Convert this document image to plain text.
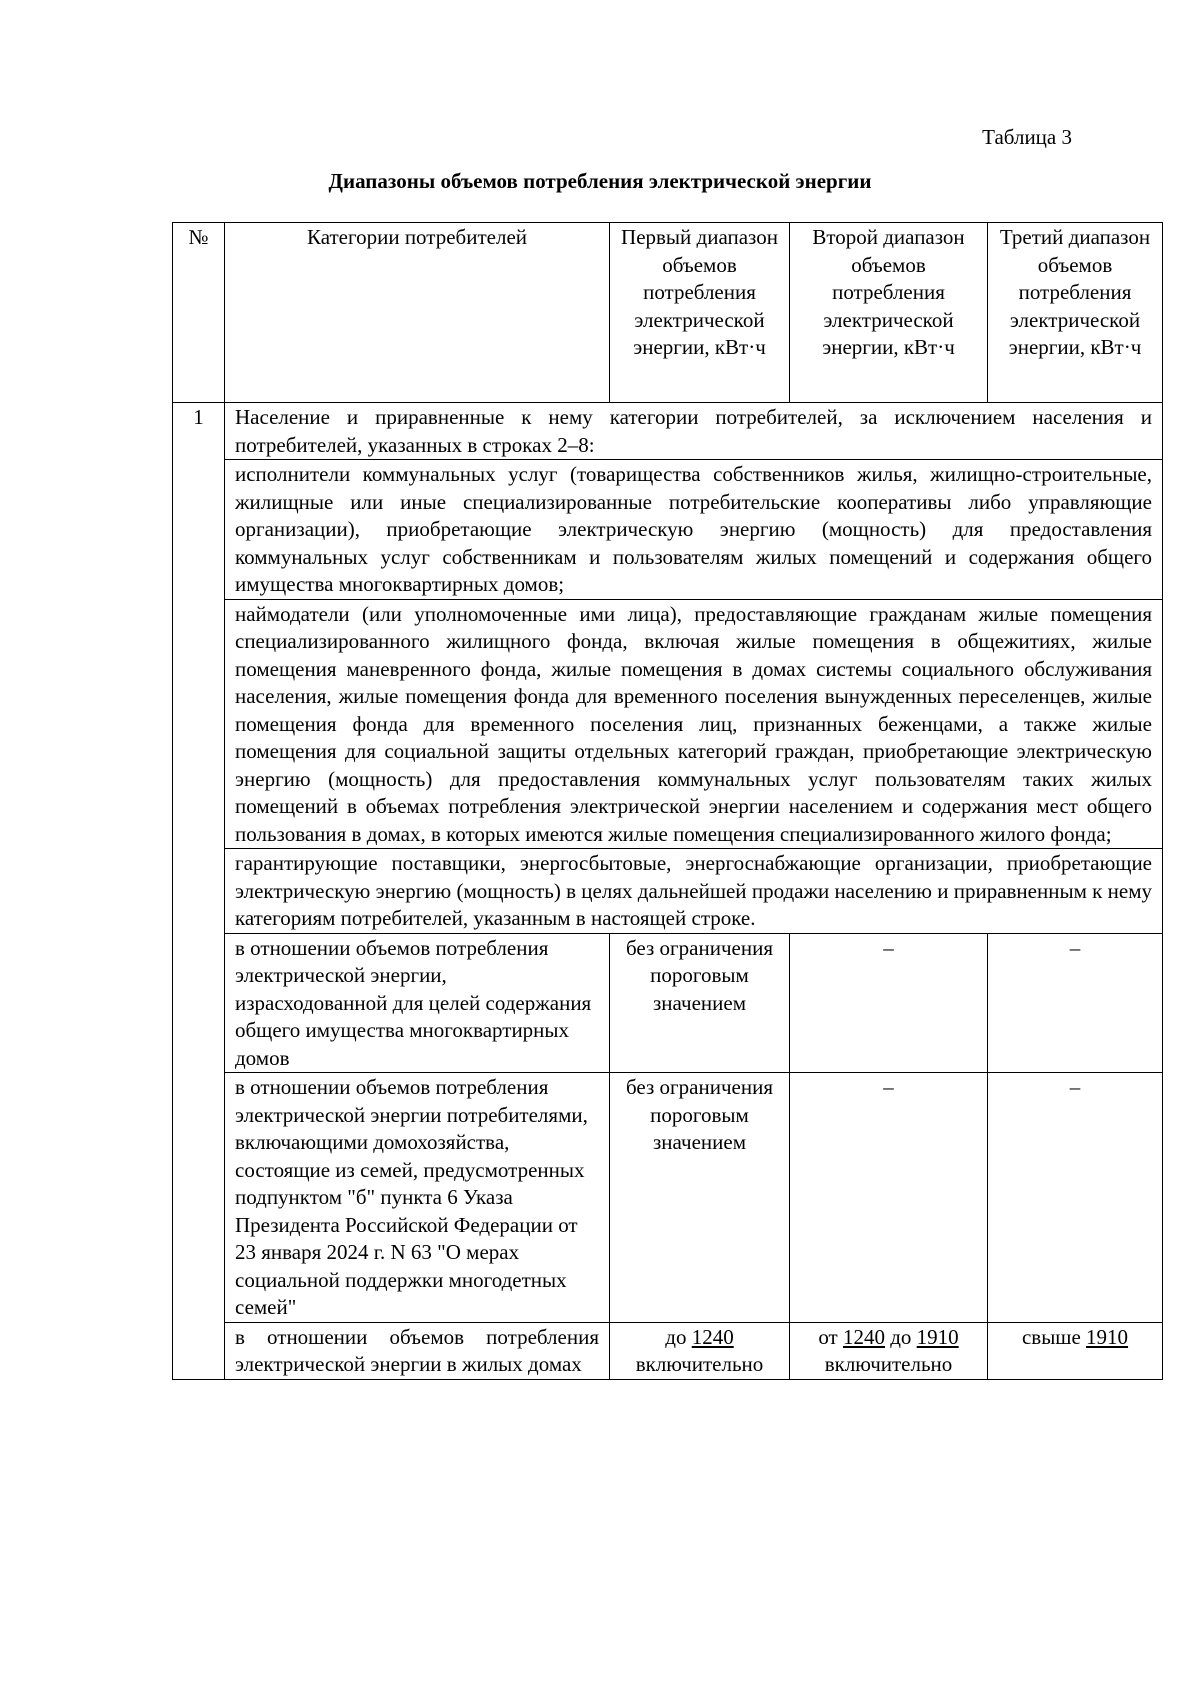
Таблица 3
Диапазоны объемов потребления электрической энергии
№	Категории потребителей	Первый диапазон объемов потребления электрической энергии, кВт·ч	Второй диапазон объемов потребления электрической энергии, кВт·ч	Третий диапазон объемов потребления электрической энергии, кВт·ч
1	Население и приравненные к нему категории потребителей, за исключением населения и потребителей, указанных в строках 2–8:			
	исполнители коммунальных услуг (товарищества собственников жилья, жилищно-строительные, жилищные или иные специализированные потребительские кооперативы либо управляющие организации), приобретающие электрическую энергию (мощность) для предоставления коммунальных услуг собственникам и пользователям жилых помещений и содержания общего имущества многоквартирных домов;			
	наймодатели (или уполномоченные ими лица), предоставляющие гражданам жилые помещения специализированного жилищного фонда, включая жилые помещения в общежитиях, жилые помещения маневренного фонда, жилые помещения в домах системы социального обслуживания населения, жилые помещения фонда для временного поселения вынужденных переселенцев, жилые помещения фонда для временного поселения лиц, признанных беженцами, а также жилые помещения для социальной защиты отдельных категорий граждан, приобретающие электрическую энергию (мощность) для предоставления коммунальных услуг пользователям таких жилых помещений в объемах потребления электрической энергии населением и содержания мест общего пользования в домах, в которых имеются жилые помещения специализированного жилого фонда;			
	гарантирующие поставщики, энергосбытовые, энергоснабжающие организации, приобретающие электрическую энергию (мощность) в целях дальнейшей продажи населению и приравненным к нему категориям потребителей, указанным в настоящей строке.			
	в отношении объемов потребления электрической энергии, израсходованной для целей содержания общего имущества многоквартирных домов	без ограничения пороговым значением	–	–
	в отношении объемов потребления электрической энергии потребителями, включающими домохозяйства, состоящие из семей, предусмотренных подпунктом "б" пункта 6 Указа Президента Российской Федерации от 23 января 2024 г. N 63 "О мерах социальной поддержки многодетных семей"	без ограничения пороговым значением	–	–
	в отношении объемов потребления электрической энергии в жилых домах	до 1240 включительно	от 1240 до 1910 включительно	свыше 1910
